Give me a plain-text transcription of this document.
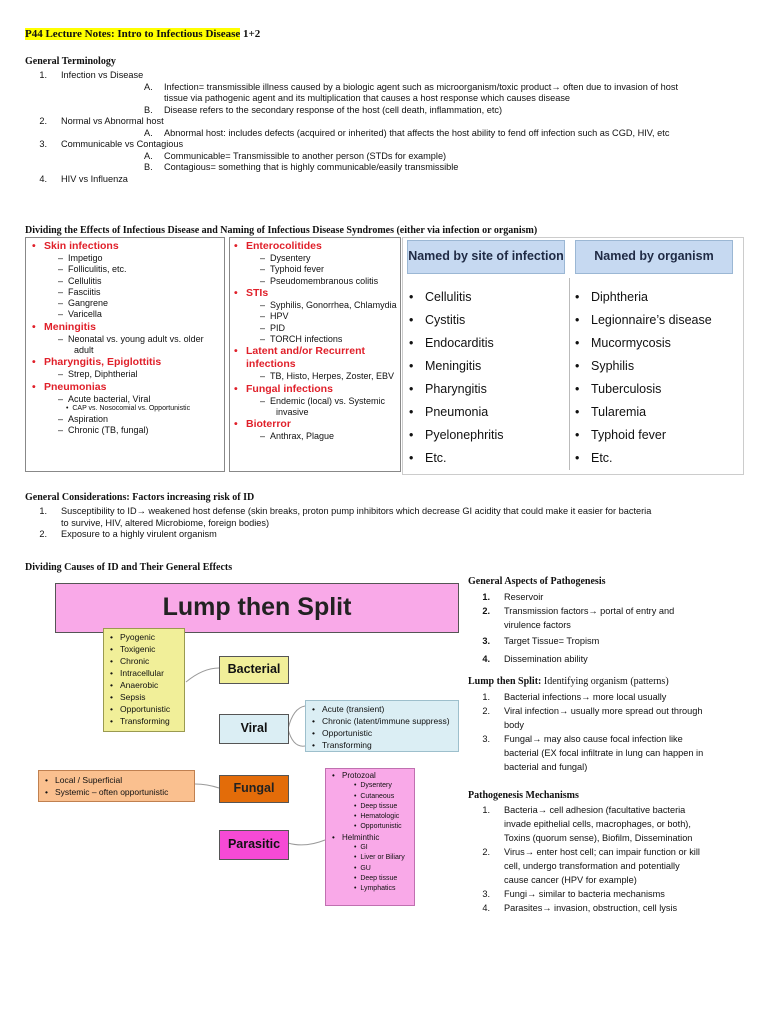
P44 Lecture Notes: Intro to Infectious Disease 1+2
General Terminology
1. Infection vs Disease
A. Infection= transmissible illness caused by a biologic agent such as microorganism/toxic product→ often due to invasion of host
tissue via pathogenic agent and its multiplication that causes a host response which causes disease
B. Disease refers to the secondary response of the host (cell death, inflammation, etc)
2. Normal vs Abnormal host
A. Abnormal host: includes defects (acquired or inherited) that affects the host ability to fend off infection such as CGD, HIV, etc
3. Communicable vs Contagious
A. Communicable= Transmissible to another person (STDs for example)
B. Contagious= something that is highly communicable/easily transmissible
4. HIV vs Influenza
Dividing the Effects of Infectious Disease and Naming of Infectious Disease Syndromes (either via infection or organism)
• Skin infections
–  Impetigo
–  Folliculitis, etc.
–  Cellulitis
–  Fasciitis
–  Gangrene
–  Varicella
• Meningitis
–  Neonatal vs. young adult vs. older
adult
• Pharyngitis, Epiglottitis
–  Strep, Diphtherial
• Pneumonias
–  Acute bacterial, Viral
•  CAP vs. Nosocomial vs. Opportunistic
–  Aspiration
–  Chronic (TB, fungal)
• Enterocolitides
–  Dysentery
–  Typhoid fever
–  Pseudomembranous colitis
• STIs
–  Syphilis, Gonorrhea, Chlamydia
–  HPV
–  PID
–  TORCH infections
• Latent and/or Recurrent
infections
–  TB, Histo, Herpes, Zoster, EBV
• Fungal infections
–  Endemic (local) vs. Systemic
invasive
• Bioterror
–  Anthrax, Plague
Named by site of infection	Named by organism
• Cellulitis
• Cystitis
• Endocarditis
• Meningitis
• Pharyngitis
• Pneumonia
• Pyelonephritis
• Etc.
• Diphtheria
• Legionnaire’s disease
• Mucormycosis
• Syphilis
• Tuberculosis
• Tularemia
• Typhoid fever
• Etc.
General Considerations: Factors increasing risk of ID
1. Susceptibility to ID→ weakened host defense (skin breaks, proton pump inhibitors which decrease GI acidity that could make it easier for bacteria
to survive, HIV, altered Microbiome, foreign bodies)
2. Exposure to a highly virulent organism
Dividing Causes of ID and Their General Effects
Lump then Split
• Pyogenic
• Toxigenic
• Chronic
• Intracellular
• Anaerobic
• Sepsis
• Opportunistic
• Transforming
Bacterial
Viral
• Acute (transient)
• Chronic (latent/immune suppress)
• Opportunistic
• Transforming
• Local / Superficial
• Systemic – often opportunistic	Fungal
Parasitic
• Protozoal
•  Dysentery
•  Cutaneous
•  Deep tissue
•  Hematologic
•  Opportunistic
• Helminthic
•  GI
•  Liver or Biliary
•  GU
•  Deep tissue
•  Lymphatics
General Aspects of Pathogenesis
1. Reservoir
2. Transmission factors→ portal of entry and
virulence factors
3. Target Tissue= Tropism
4. Dissemination ability
Lump then Split: Identifying organism (patterns)
1. Bacterial infections→ more local usually
2. Viral infection→ usually more spread out through
body
3. Fungal→ may also cause focal infection like
bacterial (EX focal infiltrate in lung can happen in
bacterial and fungal)
Pathogenesis Mechanisms
1. Bacteria→ cell adhesion (facultative bacteria
invade epithelial cells, macrophages, or both),
Toxins (quorum sense), Biofilm, Dissemination
2. Virus→ enter host cell; can impair function or kill
cell, undergo transformation and potentially
cause cancer (HPV for example)
3. Fungi→ similar to bacteria mechanisms
4. Parasites→ invasion, obstruction, cell lysis
